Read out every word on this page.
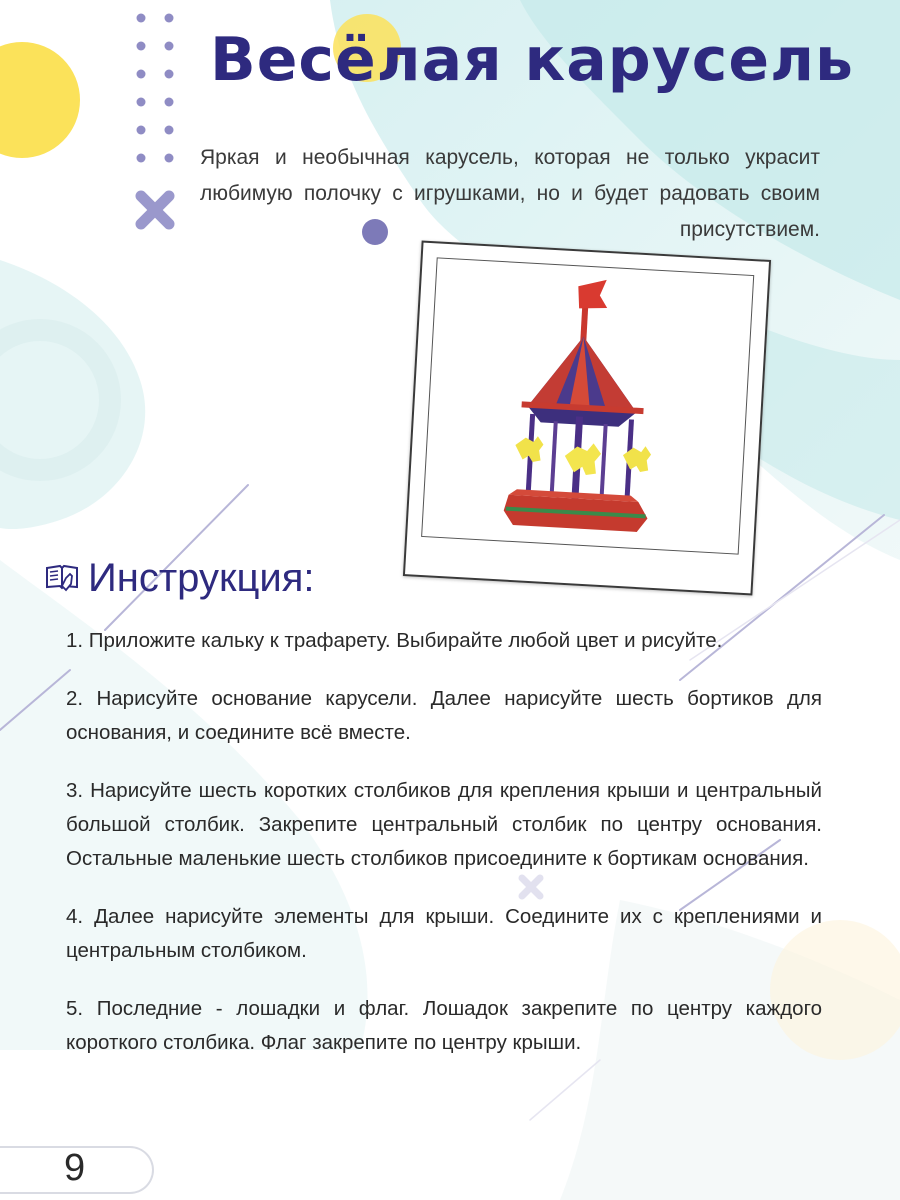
Весёлая карусель

Яркая и необычная карусель, которая не только украсит любимую полочку с игрушками, но и будет радовать своим присутствием.

Инструкция:

1. Приложите кальку к трафарету. Выбирайте любой цвет и рисуйте.

2. Нарисуйте основание карусели. Далее нарисуйте шесть бортиков для основания, и соедините всё вместе.

3. Нарисуйте шесть коротких столбиков для крепления крыши и центральный большой столбик. Закрепите центральный столбик по центру основания. Остальные маленькие шесть столбиков присоедините к бортикам основания.

4. Далее нарисуйте элементы для крыши. Соедините их с креплениями и центральным столбиком.

5. Последние - лошадки и флаг. Лошадок закрепите по центру каждого короткого столбика. Флаг закрепите по центру крыши.

9
